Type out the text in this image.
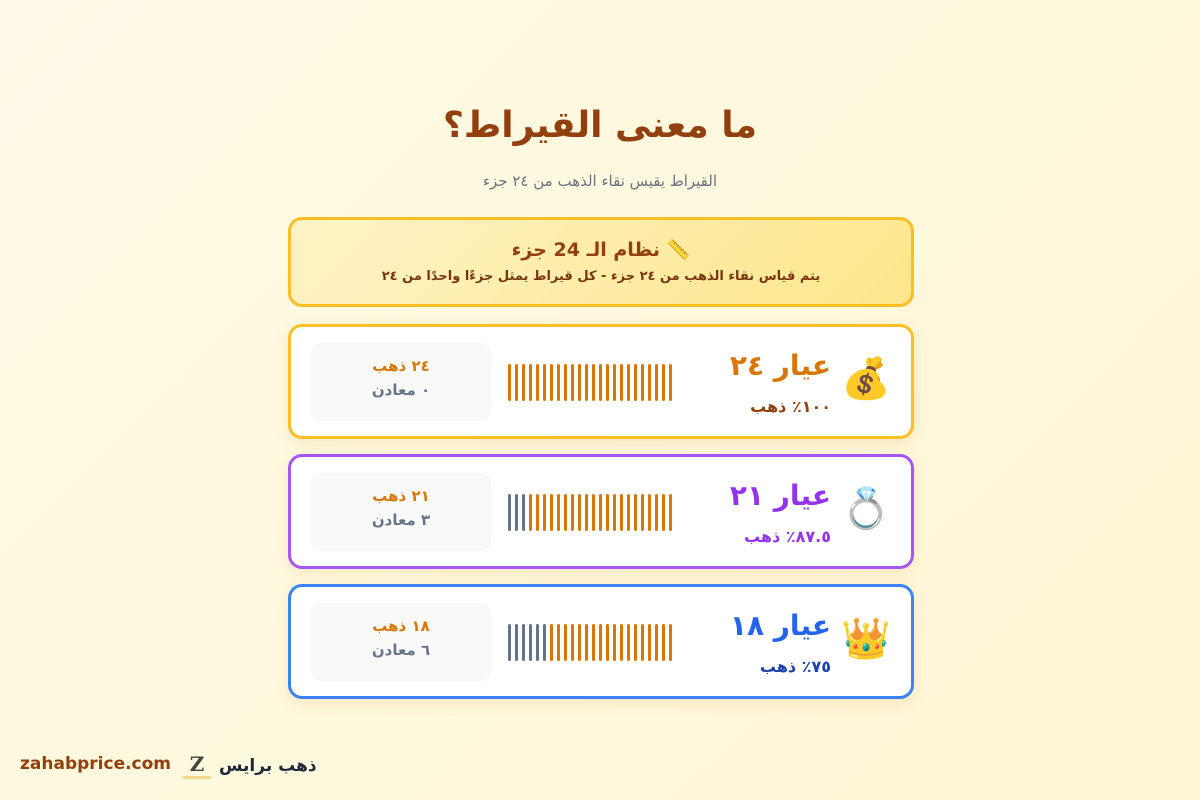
ما معنى القيراط؟
القيراط يقيس نقاء الذهب من ٢٤ جزء
📏 نظام الـ 24 جزء

يتم قياس نقاء الذهب من ٢٤ جزء - كل قيراط يمثل جزءًا واحدًا من ٢٤

💰
عيار ٢٤
١٠٠٪ ذهب
٢٤ ذهب
٠ معادن
💍
عيار ٢١
٨٧.٥٪ ذهب
٢١ ذهب
٣ معادن
👑
عيار ١٨
٧٥٪ ذهب
١٨ ذهب
٦ معادن
zahabprice.com Z ذهب برايس
